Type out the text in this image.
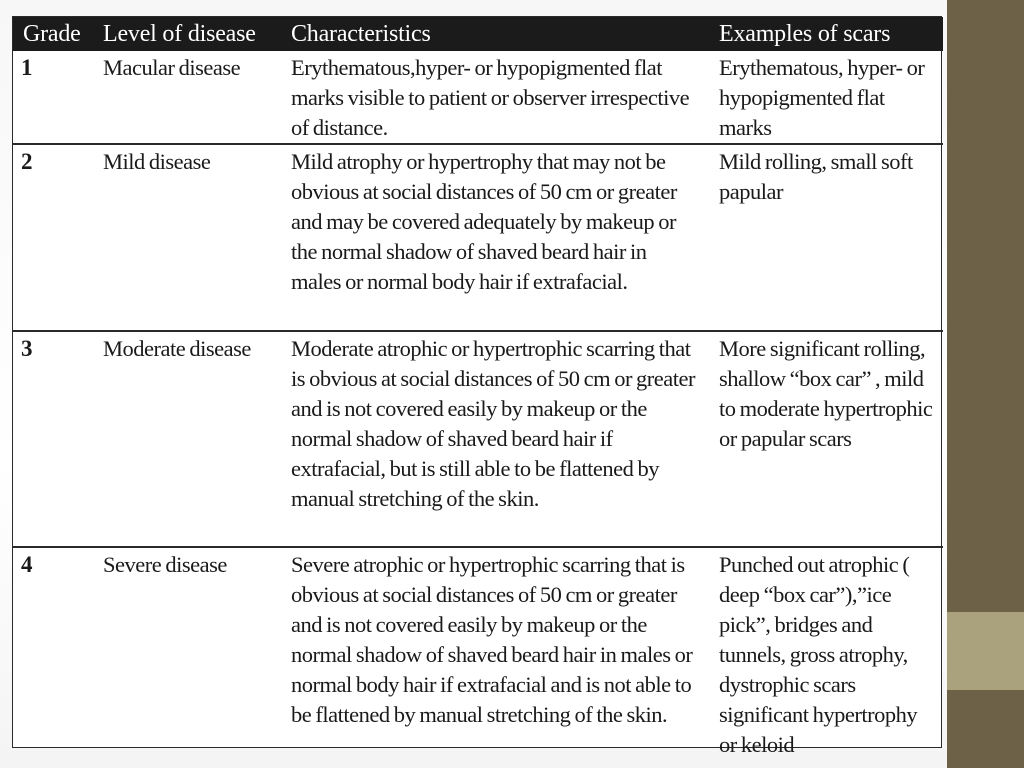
Grade	Level of disease	Characteristics	Examples of scars
1	Macular disease	Erythematous,hyper- or hypopigmented flat marks visible to patient or observer irrespective of distance.	Erythematous, hyper- or hypopigmented flat marks
2	Mild disease	Mild atrophy or hypertrophy that may not be obvious at social distances of 50 cm or greater and may be covered adequately by makeup or the normal shadow of shaved beard hair in males or normal body hair if extrafacial.	Mild rolling, small soft papular
3	Moderate disease	Moderate atrophic or hypertrophic scarring that is obvious at social distances of 50 cm or greater and is not covered easily by makeup or the normal shadow of shaved beard hair if extrafacial, but is still able to be flattened by manual stretching of the skin.	More significant rolling, shallow “box car” , mild to moderate hypertrophic or papular scars
4	Severe disease	Severe atrophic or hypertrophic scarring that is obvious at social distances of 50 cm or greater and is not covered easily by makeup or the normal shadow of shaved beard hair in males or normal body hair if extrafacial and is not able to be flattened by manual stretching of the skin.	Punched out atrophic ( deep “box car”),”ice pick”, bridges and tunnels, gross atrophy, dystrophic scars significant hypertrophy or keloid
